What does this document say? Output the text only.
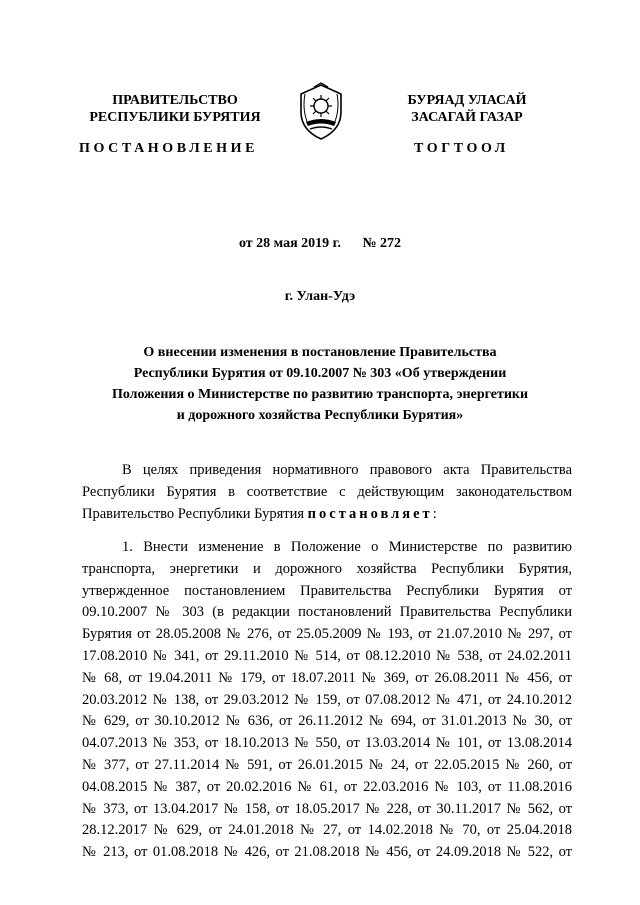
ПРАВИТЕЛЬСТВО
РЕСПУБЛИКИ БУРЯТИЯ
БУРЯАД УЛАСАЙ
ЗАСАГАЙ ГАЗАР
ПОСТАНОВЛЕНИЕ	ТОГТООЛ
от 28 мая 2019 г. № 272
г. Улан-Удэ
О внесении изменения в постановление Правительства
Республики Бурятия от 09.10.2007 № 303 «Об утверждении
Положения о Министерстве по развитию транспорта, энергетики
и дорожного хозяйства Республики Бурятия»
В целях приведения нормативного правового акта Правительства
Республики Бурятия в соответствие с действующим законодательством
Правительство Республики Бурятия постановляет:
1. Внести изменение в Положение о Министерстве по развитию
транспорта, энергетики и дорожного хозяйства Республики Бурятия,
утвержденное постановлением Правительства Республики Бурятия от
09.10.2007 № 303 (в редакции постановлений Правительства Республики
Бурятия от 28.05.2008 № 276, от 25.05.2009 № 193, от 21.07.2010 № 297, от
17.08.2010 № 341, от 29.11.2010 № 514, от 08.12.2010 № 538, от 24.02.2011
№ 68, от 19.04.2011 № 179, от 18.07.2011 № 369, от 26.08.2011 № 456, от
20.03.2012 № 138, от 29.03.2012 № 159, от 07.08.2012 № 471, от 24.10.2012
№ 629, от 30.10.2012 № 636, от 26.11.2012 № 694, от 31.01.2013 № 30, от
04.07.2013 № 353, от 18.10.2013 № 550, от 13.03.2014 № 101, от 13.08.2014
№ 377, от 27.11.2014 № 591, от 26.01.2015 № 24, от 22.05.2015 № 260, от
04.08.2015 № 387, от 20.02.2016 № 61, от 22.03.2016 № 103, от 11.08.2016
№ 373, от 13.04.2017 № 158, от 18.05.2017 № 228, от 30.11.2017 № 562, от
28.12.2017 № 629, от 24.01.2018 № 27, от 14.02.2018 № 70, от 25.04.2018
№ 213, от 01.08.2018 № 426, от 21.08.2018 № 456, от 24.09.2018 № 522, от
